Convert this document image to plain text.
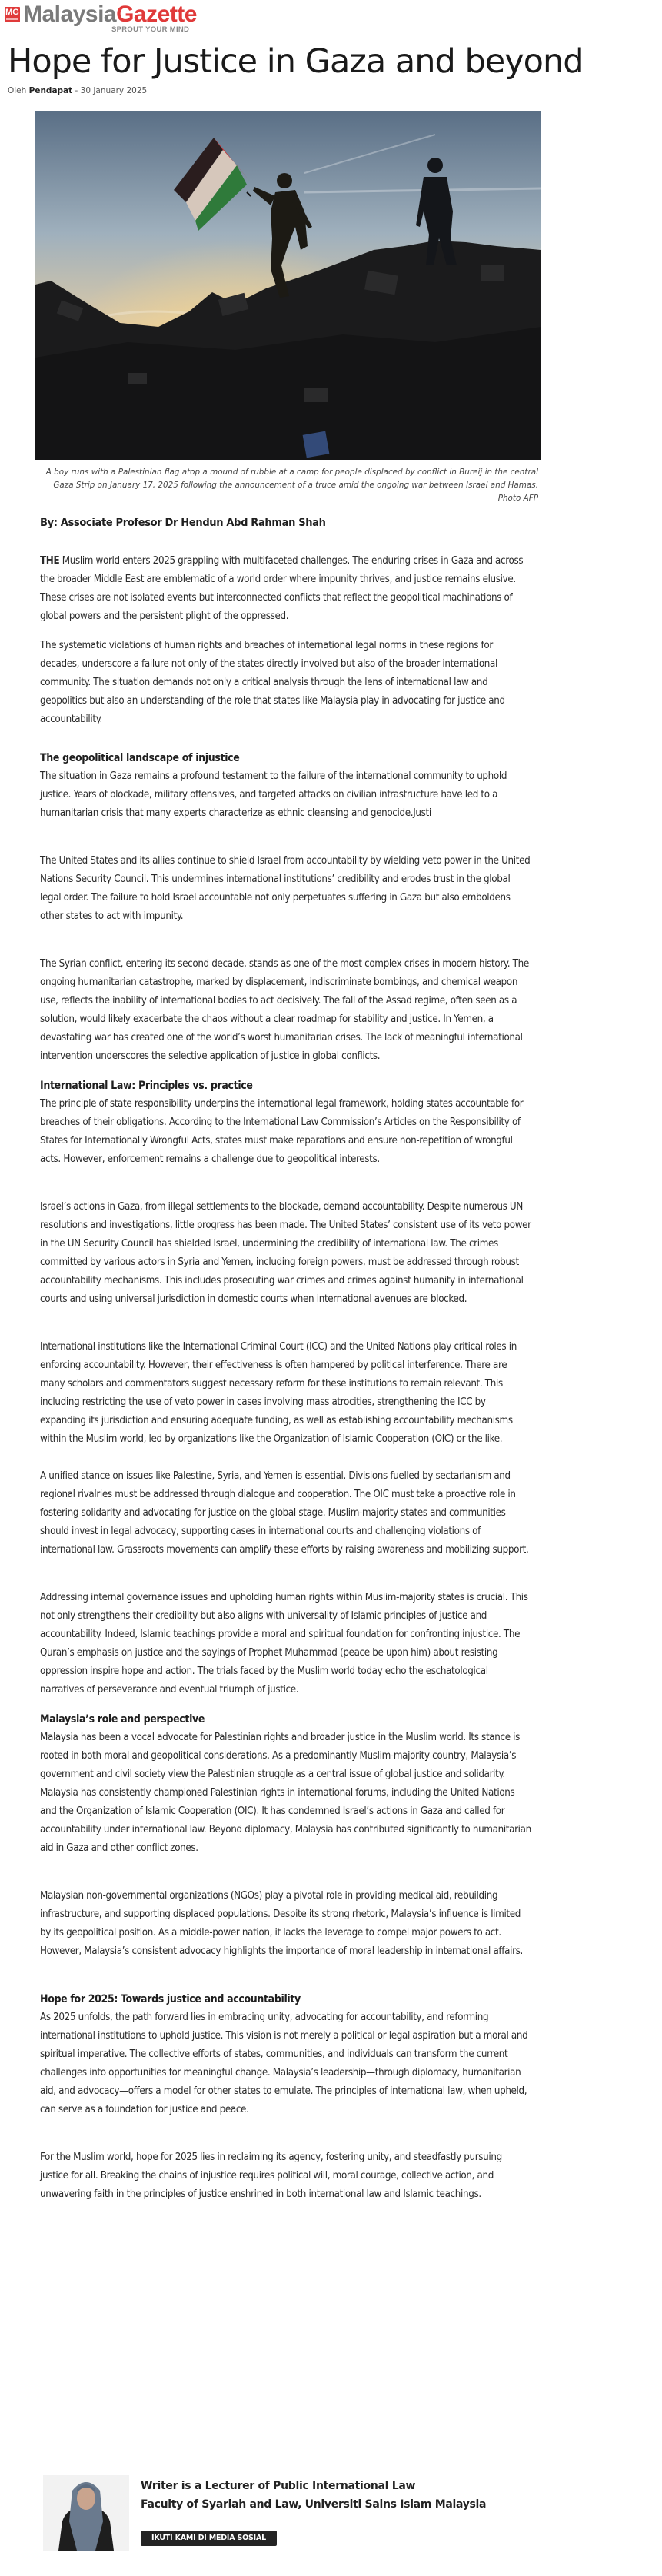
MG MalaysiaGazette
SPROUT YOUR MIND
Hope for Justice in Gaza and beyond
Oleh Pendapat - 30 January 2025
A boy runs with a Palestinian flag atop a mound of rubble at a camp for people displaced by conflict in Bureij in the central Gaza Strip on January 17, 2025 following the announcement of a truce amid the ongoing war between Israel and Hamas. Photo AFP

By: Associate Profesor Dr Hendun Abd Rahman Shah

THE Muslim world enters 2025 grappling with multifaceted challenges. The enduring crises in Gaza and across the broader Middle East are emblematic of a world order where impunity thrives, and justice remains elusive. These crises are not isolated events but interconnected conflicts that reflect the geopolitical machinations of global powers and the persistent plight of the oppressed.

The systematic violations of human rights and breaches of international legal norms in these regions for decades, underscore a failure not only of the states directly involved but also of the broader international community. The situation demands not only a critical analysis through the lens of international law and geopolitics but also an understanding of the role that states like Malaysia play in advocating for justice and accountability.

The geopolitical landscape of injustice

The situation in Gaza remains a profound testament to the failure of the international community to uphold justice. Years of blockade, military offensives, and targeted attacks on civilian infrastructure have led to a humanitarian crisis that many experts characterize as ethnic cleansing and genocide.Justi

The United States and its allies continue to shield Israel from accountability by wielding veto power in the United Nations Security Council. This undermines international institutions’ credibility and erodes trust in the global legal order. The failure to hold Israel accountable not only perpetuates suffering in Gaza but also emboldens other states to act with impunity.

The Syrian conflict, entering its second decade, stands as one of the most complex crises in modern history. The ongoing humanitarian catastrophe, marked by displacement, indiscriminate bombings, and chemical weapon use, reflects the inability of international bodies to act decisively. The fall of the Assad regime, often seen as a solution, would likely exacerbate the chaos without a clear roadmap for stability and justice. In Yemen, a devastating war has created one of the world’s worst humanitarian crises. The lack of meaningful international intervention underscores the selective application of justice in global conflicts.

International Law: Principles vs. practice

The principle of state responsibility underpins the international legal framework, holding states accountable for breaches of their obligations. According to the International Law Commission’s Articles on the Responsibility of States for Internationally Wrongful Acts, states must make reparations and ensure non-repetition of wrongful acts. However, enforcement remains a challenge due to geopolitical interests.

Israel’s actions in Gaza, from illegal settlements to the blockade, demand accountability. Despite numerous UN resolutions and investigations, little progress has been made. The United States’ consistent use of its veto power in the UN Security Council has shielded Israel, undermining the credibility of international law. The crimes committed by various actors in Syria and Yemen, including foreign powers, must be addressed through robust accountability mechanisms. This includes prosecuting war crimes and crimes against humanity in international courts and using universal jurisdiction in domestic courts when international avenues are blocked.

International institutions like the International Criminal Court (ICC) and the United Nations play critical roles in enforcing accountability. However, their effectiveness is often hampered by political interference. There are many scholars and commentators suggest necessary reform for these institutions to remain relevant. This including restricting the use of veto power in cases involving mass atrocities, strengthening the ICC by expanding its jurisdiction and ensuring adequate funding, as well as establishing accountability mechanisms within the Muslim world, led by organizations like the Organization of Islamic Cooperation (OIC) or the like.

A unified stance on issues like Palestine, Syria, and Yemen is essential. Divisions fuelled by sectarianism and regional rivalries must be addressed through dialogue and cooperation. The OIC must take a proactive role in fostering solidarity and advocating for justice on the global stage. Muslim-majority states and communities should invest in legal advocacy, supporting cases in international courts and challenging violations of international law. Grassroots movements can amplify these efforts by raising awareness and mobilizing support.

Addressing internal governance issues and upholding human rights within Muslim-majority states is crucial. This not only strengthens their credibility but also aligns with universality of Islamic principles of justice and accountability. Indeed, Islamic teachings provide a moral and spiritual foundation for confronting injustice. The Quran’s emphasis on justice and the sayings of Prophet Muhammad (peace be upon him) about resisting oppression inspire hope and action. The trials faced by the Muslim world today echo the eschatological narratives of perseverance and eventual triumph of justice.

Malaysia’s role and perspective

Malaysia has been a vocal advocate for Palestinian rights and broader justice in the Muslim world. Its stance is rooted in both moral and geopolitical considerations. As a predominantly Muslim-majority country, Malaysia’s government and civil society view the Palestinian struggle as a central issue of global justice and solidarity. Malaysia has consistently championed Palestinian rights in international forums, including the United Nations and the Organization of Islamic Cooperation (OIC). It has condemned Israel’s actions in Gaza and called for accountability under international law. Beyond diplomacy, Malaysia has contributed significantly to humanitarian aid in Gaza and other conflict zones.

Malaysian non-governmental organizations (NGOs) play a pivotal role in providing medical aid, rebuilding infrastructure, and supporting displaced populations. Despite its strong rhetoric, Malaysia’s influence is limited by its geopolitical position. As a middle-power nation, it lacks the leverage to compel major powers to act. However, Malaysia’s consistent advocacy highlights the importance of moral leadership in international affairs.

Hope for 2025: Towards justice and accountability

As 2025 unfolds, the path forward lies in embracing unity, advocating for accountability, and reforming international institutions to uphold justice. This vision is not merely a political or legal aspiration but a moral and spiritual imperative. The collective efforts of states, communities, and individuals can transform the current challenges into opportunities for meaningful change. Malaysia’s leadership—through diplomacy, humanitarian aid, and advocacy—offers a model for other states to emulate. The principles of international law, when upheld, can serve as a foundation for justice and peace.

For the Muslim world, hope for 2025 lies in reclaiming its agency, fostering unity, and steadfastly pursuing justice for all. Breaking the chains of injustice requires political will, moral courage, collective action, and unwavering faith in the principles of justice enshrined in both international law and Islamic teachings.

Writer is a Lecturer of Public International Law
Faculty of Syariah and Law, Universiti Sains Islam Malaysia
IKUTI KAMI DI MEDIA SOSIAL
